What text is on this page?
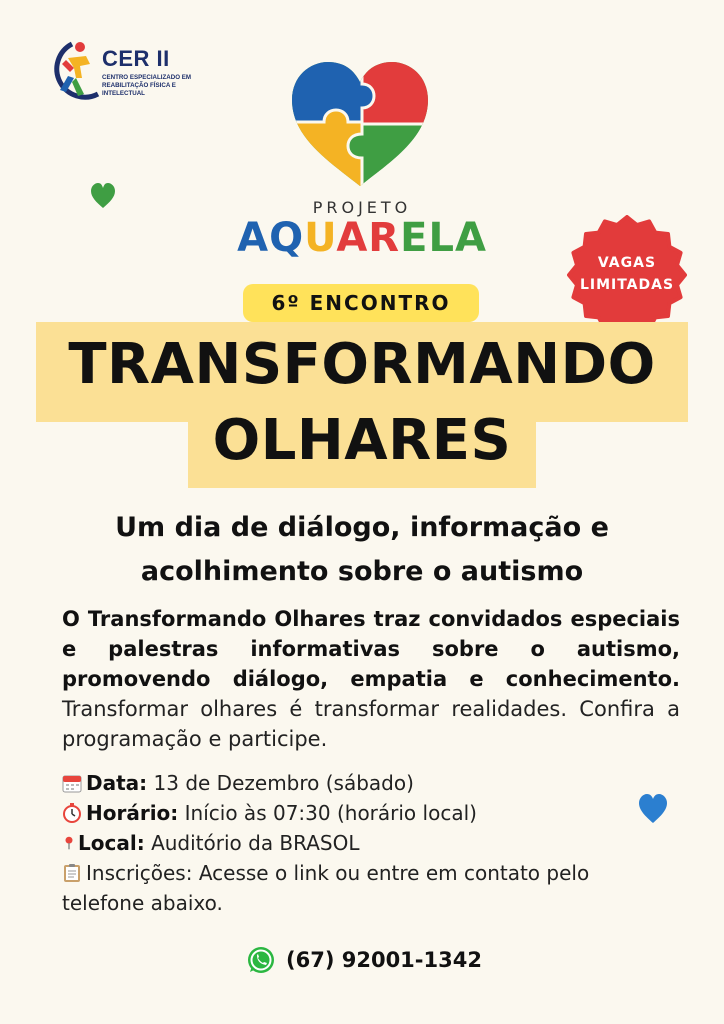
CER II
CENTRO ESPECIALIZADO EM REABILITAÇÃO FÍSICA E INTELECTUAL
PROJETO
AQUARELA
VAGAS
LIMITADAS
6º ENCONTRO
TRANSFORMANDO
OLHARES
Um dia de diálogo, informação e
acolhimento sobre o autismo
O Transformando Olhares traz convidados especiais e palestras informativas sobre o autismo, promovendo diálogo, empatia e conhecimento. Transformar olhares é transformar realidades. Confira a programação e participe.
Data: 13 de Dezembro (sábado)
Horário: Início às 07:30 (horário local)
Local: Auditório da BRASOL
Inscrições: Acesse o link ou entre em contato pelo
telefone abaixo.
(67) 92001-1342
